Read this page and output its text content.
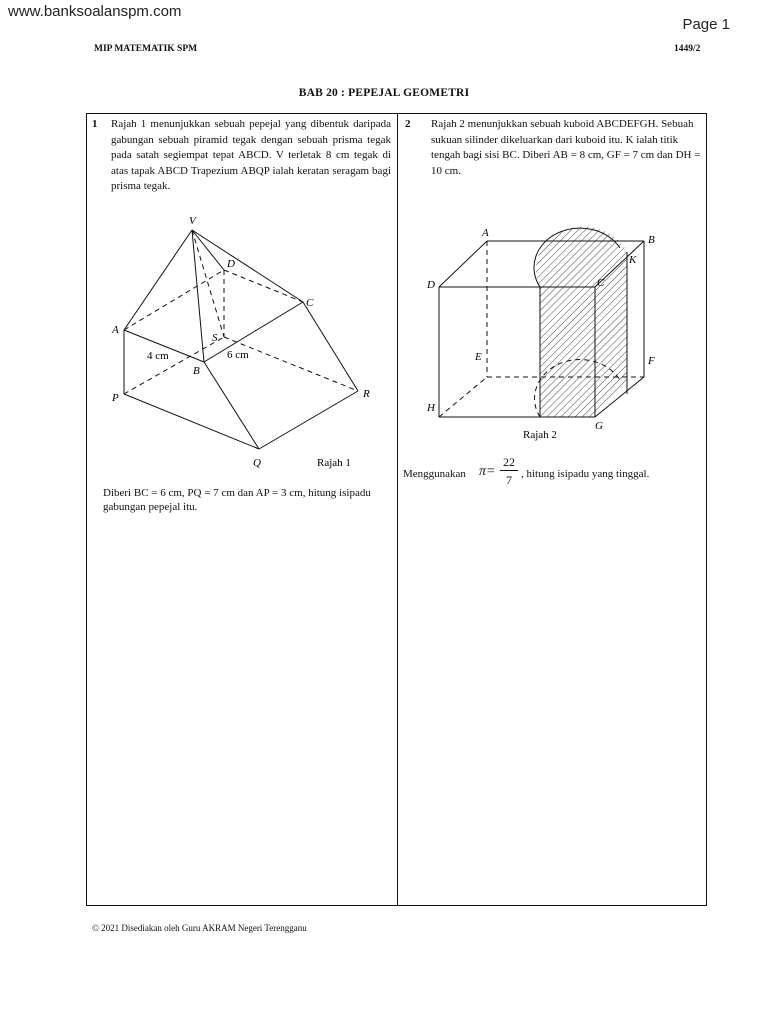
www.banksoalanspm.com
Page 1
MIP MATEMATIK SPM	1449/2
BAB 20 : PEPEJAL GEOMETRI
1 Rajah 1 menunjukkan sebuah pepejal yang dibentuk daripada gabungan sebuah piramid tegak dengan sebuah prisma tegak pada satah segiempat tepat ABCD. V terletak 8 cm tegak di atas tapak ABCD Trapezium ABQP ialah keratan seragam bagi prisma tegak.
V
D
C
A
S
B
P	R
Q
4 cm	6 cm
Rajah 1
Diberi BC = 6 cm, PQ = 7 cm dan AP = 3 cm, hitung isipadu gabungan pepejal itu.
2 Rajah 2 menunjukkan sebuah kuboid ABCDEFGH. Sebuah sukuan silinder dikeluarkan dari kuboid itu. K ialah titik tengah bagi sisi BC. Diberi AB = 8 cm, GF = 7 cm dan DH = 10 cm.
A
B
K
D	C
E	F
H
G
Rajah 2
Menggunakan $\pi= \frac{22}{7}$ , hitung isipadu yang tinggal.
© 2021 Disediakan oleh Guru AKRAM Negeri Terengganu
